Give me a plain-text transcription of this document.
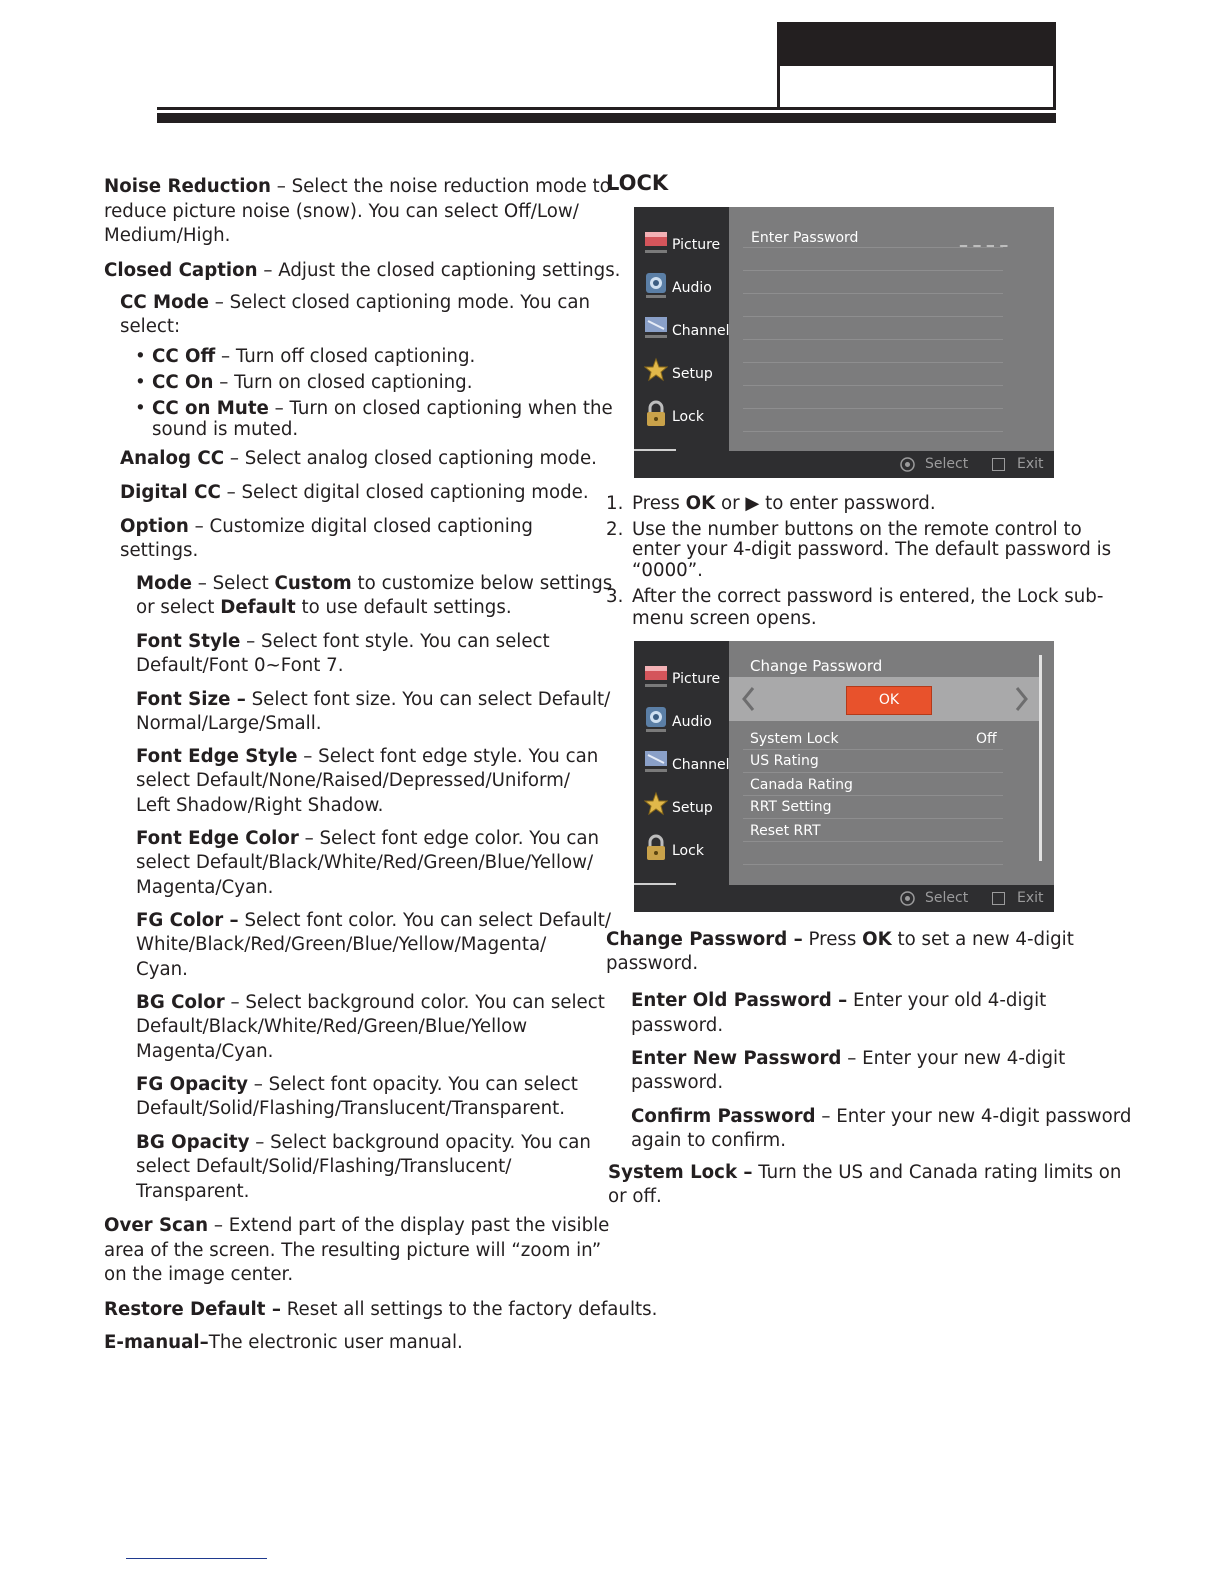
Noise Reduction – Select the noise reduction mode to
reduce picture noise (snow). You can select Off/Low/
Medium/High.
Closed Caption – Adjust the closed captioning settings.
CC Mode – Select closed captioning mode. You can
select:
• CC Off – Turn off closed captioning.
• CC On – Turn on closed captioning.
• CC on Mute – Turn on closed captioning when the
sound is muted.
Analog CC – Select analog closed captioning mode.
Digital CC – Select digital closed captioning mode.
Option – Customize digital closed captioning
settings.
Mode – Select Custom to customize below settings
or select Default to use default settings.
Font Style – Select font style. You can select
Default/Font 0~Font 7.
Font Size – Select font size. You can select Default/
Normal/Large/Small.
Font Edge Style – Select font edge style. You can
select Default/None/Raised/Depressed/Uniform/
Left Shadow/Right Shadow.
Font Edge Color – Select font edge color. You can
select Default/Black/White/Red/Green/Blue/Yellow/
Magenta/Cyan.
FG Color – Select font color. You can select Default/
White/Black/Red/Green/Blue/Yellow/Magenta/
Cyan.
BG Color – Select background color. You can select
Default/Black/White/Red/Green/Blue/Yellow
Magenta/Cyan.
FG Opacity – Select font opacity. You can select
Default/Solid/Flashing/Translucent/Transparent.
BG Opacity – Select background opacity. You can
select Default/Solid/Flashing/Translucent/
Transparent.
Over Scan – Extend part of the display past the visible
area of the screen. The resulting picture will “zoom in”
on the image center.
Restore Default – Reset all settings to the factory defaults.
E-manual–The electronic user manual.
LOCK
Picture
Audio
Channel
Setup
Lock
Enter Password	_ _ _ _
Select	Exit
1. Press OK or ▶ to enter password.
2. Use the number buttons on the remote control to
enter your 4-digit password. The default password is
“0000”.
3. After the correct password is entered, the Lock sub-
menu screen opens.
Picture
Audio
Channel
Setup
Lock
Change Password
OK
System Lock	Off
US Rating
Canada Rating
RRT Setting
Reset RRT
Select	Exit
Change Password – Press OK to set a new 4-digit
password.
Enter Old Password – Enter your old 4-digit
password.
Enter New Password – Enter your new 4-digit
password.
Confirm Password – Enter your new 4-digit password
again to confirm.
System Lock – Turn the US and Canada rating limits on
or off.
